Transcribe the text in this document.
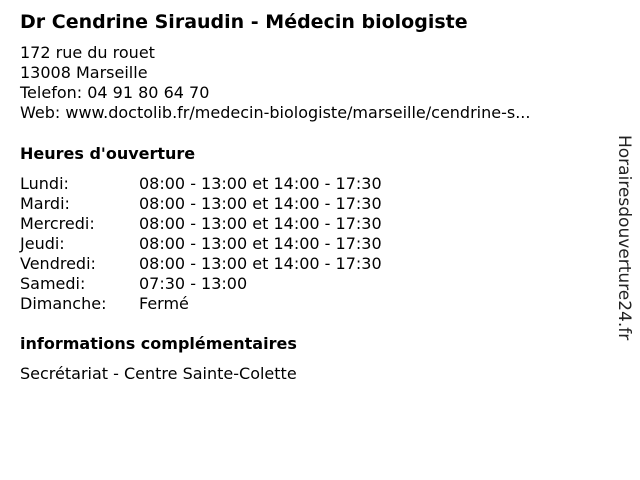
Dr Cendrine Siraudin - Médecin biologiste
172 rue du rouet
13008 Marseille
Telefon: 04 91 80 64 70
Web: www.doctolib.fr/medecin-biologiste/marseille/cendrine-s...
Heures d'ouverture
Lundi:	08:00 - 13:00 et 14:00 - 17:30
Mardi:	08:00 - 13:00 et 14:00 - 17:30
Mercredi:	08:00 - 13:00 et 14:00 - 17:30
Jeudi:	08:00 - 13:00 et 14:00 - 17:30
Vendredi:	08:00 - 13:00 et 14:00 - 17:30
Samedi:	07:30 - 13:00
Dimanche: Fermé
informations complémentaires
Secrétariat - Centre Sainte-Colette
Horairesdouverture24.fr
